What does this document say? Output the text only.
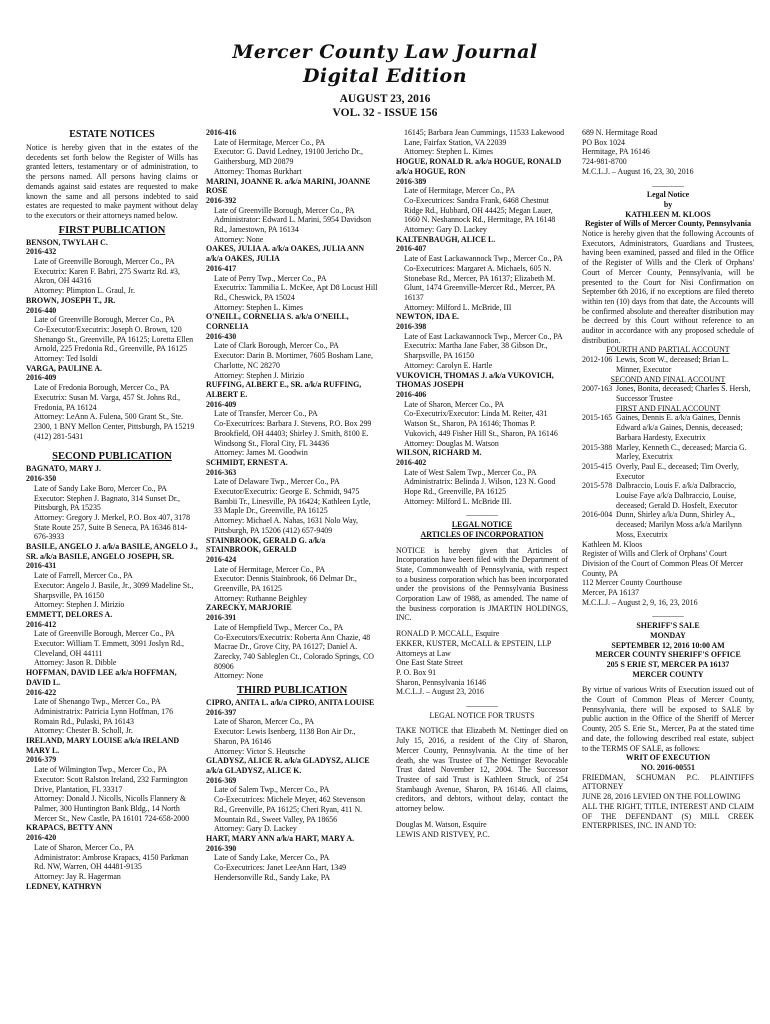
Mercer County Law Journal
Digital Edition
AUGUST 23, 2016
VOL. 32 - ISSUE 156

ESTATE NOTICES

Notice is hereby given that in the estates of the decedents set forth below the Register of Wills has granted letters, testamentary or of administration, to the persons named. All persons having claims or demands against said estates are requested to make known the same and all persons indebted to said estates are requested to make payment without delay to the executors or their attorneys named below.

FIRST PUBLICATION

BENSON, TWYLAH C.

2016-432

Late of Greenville Borough, Mercer Co., PA

Executrix: Karen F. Babri, 275 Swartz Rd. #3, Akron, OH 44316

Attorney: Plimpton L. Graul, Jr.

BROWN, JOSEPH T., JR.

2016-440

Late of Greenville Borough, Mercer Co., PA

Co-Executor/Executrix: Joseph O. Brown, 120 Shenango St., Greenville, PA 16125; Loretta Ellen Arnold, 225 Fredonia Rd., Greenville, PA 16125

Attorney: Ted Isoldi

VARGA, PAULINE A.

2016-409

Late of Fredonia Borough, Mercer Co., PA

Executrix: Susan M. Varga, 457 St. Johns Rd., Fredonia, PA 16124

Attorney: LeAnn A. Fulena, 500 Grant St., Ste. 2300, 1 BNY Mellon Center, Pittsburgh, PA 15219 (412) 281-5431

SECOND PUBLICATION

BAGNATO, MARY J.

2016-350

Late of Sandy Lake Boro, Mercer Co., PA

Executor: Stephen J. Bagnato, 314 Sunset Dr., Pittsburgh, PA 15235

Attorney: Gregory J. Merkel, P.O. Box 407, 3178 State Route 257, Suite B Seneca, PA 16346 814-676-3933

BASILE, ANGELO J. a/k/a BASILE, ANGELO J., SR. a/k/a BASILE, ANGELO JOSEPH, SR.

2016-431

Late of Farrell, Mercer Co., PA

Executor: Angelo J. Basile, Jr., 3099 Madeline St., Sharpsville, PA 16150

Attorney: Stephen J. Mirizio

EMMETT, DELORES A.

2016-412

Late of Greenville Borough, Mercer Co., PA

Executor: William T. Emmett, 3091 Joslyn Rd., Cleveland, OH 44111

Attorney: Jason R. Dibble

HOFFMAN, DAVID LEE a/k/a HOFFMAN, DAVID L.

2016-422

Late of Shenango Twp., Mercer Co., PA

Administratrix: Patricia Lynn Hoffman, 176 Romain Rd., Pulaski, PA 16143

Attorney: Chester B. Scholl, Jr.

IRELAND, MARY LOUISE a/k/a IRELAND MARY L.

2016-379

Late of Wilmington Twp., Mercer Co., PA

Executor: Scott Ralston Ireland, 232 Farmington Drive, Plantation, FL 33317

Attorney: Donald J. Nicolls, Nicolls Flannery & Palmer, 300 Huntington Bank Bldg., 14 North Mercer St., New Castle, PA 16101 724-658-2000

KRAPACS, BETTY ANN

2016-420

Late of Sharon, Mercer Co., PA

Administrator: Ambrose Krapacs, 4150 Parkman Rd. NW, Warren, OH 44481-9135

Attorney: Jay R. Hagerman

LEDNEY, KATHRYN

2016-416

Late of Hermitage, Mercer Co., PA

Executor: G. David Ledney, 19100 Jericho Dr., Gaithersburg, MD 20879

Attorney: Thomas Burkhart

MARINI, JOANNE R. a/k/a MARINI, JOANNE ROSE

2016-392

Late of Greenville Borough, Mercer Co., PA

Administrator: Edward L. Marini, 5954 Davidson Rd., Jamestown, PA 16134

Attorney: None

OAKES, JULIA A. a/k/a OAKES, JULIA ANN a/k/a OAKES, JULIA

2016-417

Late of Perry Twp., Mercer Co., PA

Executrix: Tammilia L. McKee, Apt D8 Locust Hill Rd., Cheswick, PA 15024

Attorney: Stephen L. Kimes

O'NEILL, CORNELIA S. a/k/a O'NEILL, CORNELIA

2016-430

Late of Clark Borough, Mercer Co., PA

Executor: Darin B. Mortimer, 7605 Bosham Lane, Charlotte, NC 28270

Attorney: Stephen J. Mirizio

RUFFING, ALBERT E., SR. a/k/a RUFFING, ALBERT E.

2016-409

Late of Transfer, Mercer Co., PA

Co-Executrices: Barbara J. Stevens, P.O. Box 299 Brookfield, OH 44403; Shirley J. Smith, 8100 E. Windsong St., Floral City, FL 34436

Attorney: James M. Goodwin

SCHMIDT, ERNEST A.

2016-363

Late of Delaware Twp., Mercer Co., PA

Executor/Executrix: George E. Schmidt, 9475 Bambii Tr., Linesville, PA 16424; Kathleen Lytle, 33 Maple Dr., Greenville, PA 16125

Attorney: Michael A. Nahas, 1631 Nolo Way, Pittsburgh, PA 15206 (412) 657-9409

STAINBROOK, GERALD G. a/k/a STAINBROOK, GERALD

2016-424

Late of Hermitage, Mercer Co., PA

Executor: Dennis Stainbrook, 66 Delmar Dr., Greenville, PA 16125

Attorney: Ruthanne Beighley

ZARECKY, MARJORIE

2016-391

Late of Hempfield Twp., Mercer Co., PA

Co-Executors/Executrix: Roberta Ann Chazie, 48 Macrae Dr., Grove City, PA 16127; Daniel A. Zarecky, 740 Sableglen Ct., Colorado Springs, CO 80906

Attorney: None

THIRD PUBLICATION

CIPRO, ANITA L. a/k/a CIPRO, ANITA LOUISE

2016-397

Late of Sharon, Mercer Co., PA

Executor: Lewis Isenberg, 1138 Bon Air Dr., Sharon, PA 16146

Attorney: Victor S. Heutsche

GLADYSZ, ALICE R. a/k/a GLADYSZ, ALICE a/k/a GLADYSZ, ALICE K.

2016-369

Late of Salem Twp., Mercer Co., PA

Co-Executrices: Michele Meyer, 462 Stevenson Rd., Greenville, PA 16125; Cheri Ryan, 411 N. Mountain Rd., Sweet Valley, PA 18656

Attorney: Gary D. Lackey

HART, MARY ANN a/k/a HART, MARY A.

2016-390

Late of Sandy Lake, Mercer Co., PA

Co-Executrices: Janet LeeAnn Hart, 1349 Hendersonville Rd., Sandy Lake, PA

16145; Barbara Jean Cummings, 11533 Lakewood Lane, Fairfax Station, VA 22039

Attorney: Stephen L. Kimes

HOGUE, RONALD R. a/k/a HOGUE, RONALD a/k/a HOGUE, RON

2016-389

Late of Hermitage, Mercer Co., PA

Co-Executrices: Sandra Frank, 6468 Chestnut Ridge Rd., Hubbard, OH 44425; Megan Lauer, 1660 N. Neshannock Rd., Hermitage, PA 16148

Attorney: Gary D. Lackey

KALTENBAUGH, ALICE L.

2016-407

Late of East Lackawannock Twp., Mercer Co., PA

Co-Executrices: Margaret A. Michaels, 605 N. Stonebase Rd., Mercer, PA 16137; Elizabeth M. Glunt, 1474 Greenville-Mercer Rd., Mercer, PA 16137

Attorney: Milford L. McBride, III

NEWTON, IDA E.

2016-398

Late of East Lackawannock Twp., Mercer Co., PA

Executrix: Martha Jane Faber, 38 Gibson Dr., Sharpsville, PA 16150

Attorney: Carolyn E. Hartle

VUKOVICH, THOMAS J. a/k/a VUKOVICH, THOMAS JOSEPH

2016-406

Late of Sharon, Mercer Co., PA

Co-Executrix/Executor: Linda M. Reiter, 431 Watson St., Sharon, PA 16146; Thomas P. Vukovich, 449 Fisher Hill St., Sharon, PA 16146

Attorney: Douglas M. Watson

WILSON, RICHARD M.

2016-402

Late of West Salem Twp., Mercer Co., PA

Administratrix: Belinda J. Wilson, 123 N. Good Hope Rd., Greenville, PA 16125

Attorney: Milford L. McBride III.

________

LEGAL NOTICE

ARTICLES OF INCORPORATION

NOTICE is hereby given that Articles of Incorporation have been filed with the Department of State, Commonwealth of Pennsylvania, with respect to a business corporation which has been incorporated under the provisions of the Pennsylvania Business Corporation Law of 1988, as amended. The name of the business corporation is JMARTIN HOLDINGS, INC.

RONALD P. MCCALL, Esquire

EKKER, KUSTER, McCALL & EPSTEIN, LLP

Attorneys at Law

One East State Street

P. O. Box 91

Sharon, Pennsylvania 16146

M.C.L.J. – August 23, 2016

________

LEGAL NOTICE FOR TRUSTS

TAKE NOTICE that Elizabeth M. Nettinger died on July 15, 2016, a resident of the City of Sharon, Mercer County, Pennsylvania. At the time of her death, she was Trustee of The Nettinger Revocable Trust dated November 12, 2004. The Successor Trustee of said Trust is Kathleen Struck, of 254 Stambaugh Avenue, Sharon, PA 16146. All claims, creditors, and debtors, without delay, contact the attorney below.

Douglas M. Watson, Esquire

LEWIS AND RISTVEY, P.C.

689 N. Hermitage Road

PO Box 1024

Hermitage, PA 16146

724-981-8700

M.C.L.J. – August 16, 23, 30, 2016

________

Legal Notice

by

KATHLEEN M. KLOOS

Register of Wills of Mercer County, Pennsylvania

Notice is hereby given that the following Accounts of Executors, Administrators, Guardians and Trustees, having been examined, passed and filed in the Office of the Register of Wills and the Clerk of Orphans' Court of Mercer County, Pennsylvania, will be presented to the Court for Nisi Confirmation on September 6th 2016, if no exceptions are filed thereto within ten (10) days from that date, the Accounts will be confirmed absolute and thereafter distribution may be decreed by this Court without reference to an auditor in accordance with any proposed schedule of distribution.

FOURTH AND PARTIAL ACCOUNT

2012-106 Lewis, Scott W., deceased; Brian L. Minner, Executor

SECOND AND FINAL ACCOUNT

2007-163 Jones, Bonita, deceased; Charles S. Hersh, Successor Trustee

FIRST AND FINAL ACCOUNT

2015-165 Gaines, Dennis E. a/k/a Gaines, Dennis Edward a/k/a Gaines, Dennis, deceased; Barbara Hardesty, Executrix
2015-388 Marley, Kenneth C., deceased; Marcia G. Marley, Executrix
2015-415 Overly, Paul E., deceased; Tim Overly, Executor
2015-578 Dalbraccio, Louis F. a/k/a Dalbraccio, Louise Faye a/k/a Dalbraccio, Louise, deceased; Gerald D. Hosfelt, Executor
2016-004 Dunn, Shirley a/k/a Dunn, Shirley A., deceased; Marilyn Moss a/k/a Marilynn Moss, Executrix

Kathleen M. Kloos

Register of Wills and Clerk of Orphans' Court Division of the Court of Common Pleas Of Mercer County, PA

112 Mercer County Courthouse

Mercer, PA 16137

M.C.L.J. – August 2, 9, 16, 23, 2016

________

SHERIFF'S SALE

MONDAY

SEPTEMBER 12, 2016 10:00 AM

MERCER COUNTY SHERIFF'S OFFICE

205 S ERIE ST, MERCER PA 16137

MERCER COUNTY

By virtue of various Writs of Execution issued out of the Court of Common Pleas of Mercer County, Pennsylvania, there will be exposed to SALE by public auction in the Office of the Sheriff of Mercer County, 205 S. Erie St., Mercer, Pa at the stated time and date, the following described real estate, subject to the TERMS OF SALE, as follows:

WRIT OF EXECUTION

NO. 2016-00551

FRIEDMAN, SCHUMAN P.C. PLAINTIFFS ATTORNEY

JUNE 28, 2016 LEVIED ON THE FOLLOWING

ALL THE RIGHT, TITLE, INTEREST AND CLAIM OF THE DEFENDANT (S) MILL CREEK ENTERPRISES, INC. IN AND TO:
